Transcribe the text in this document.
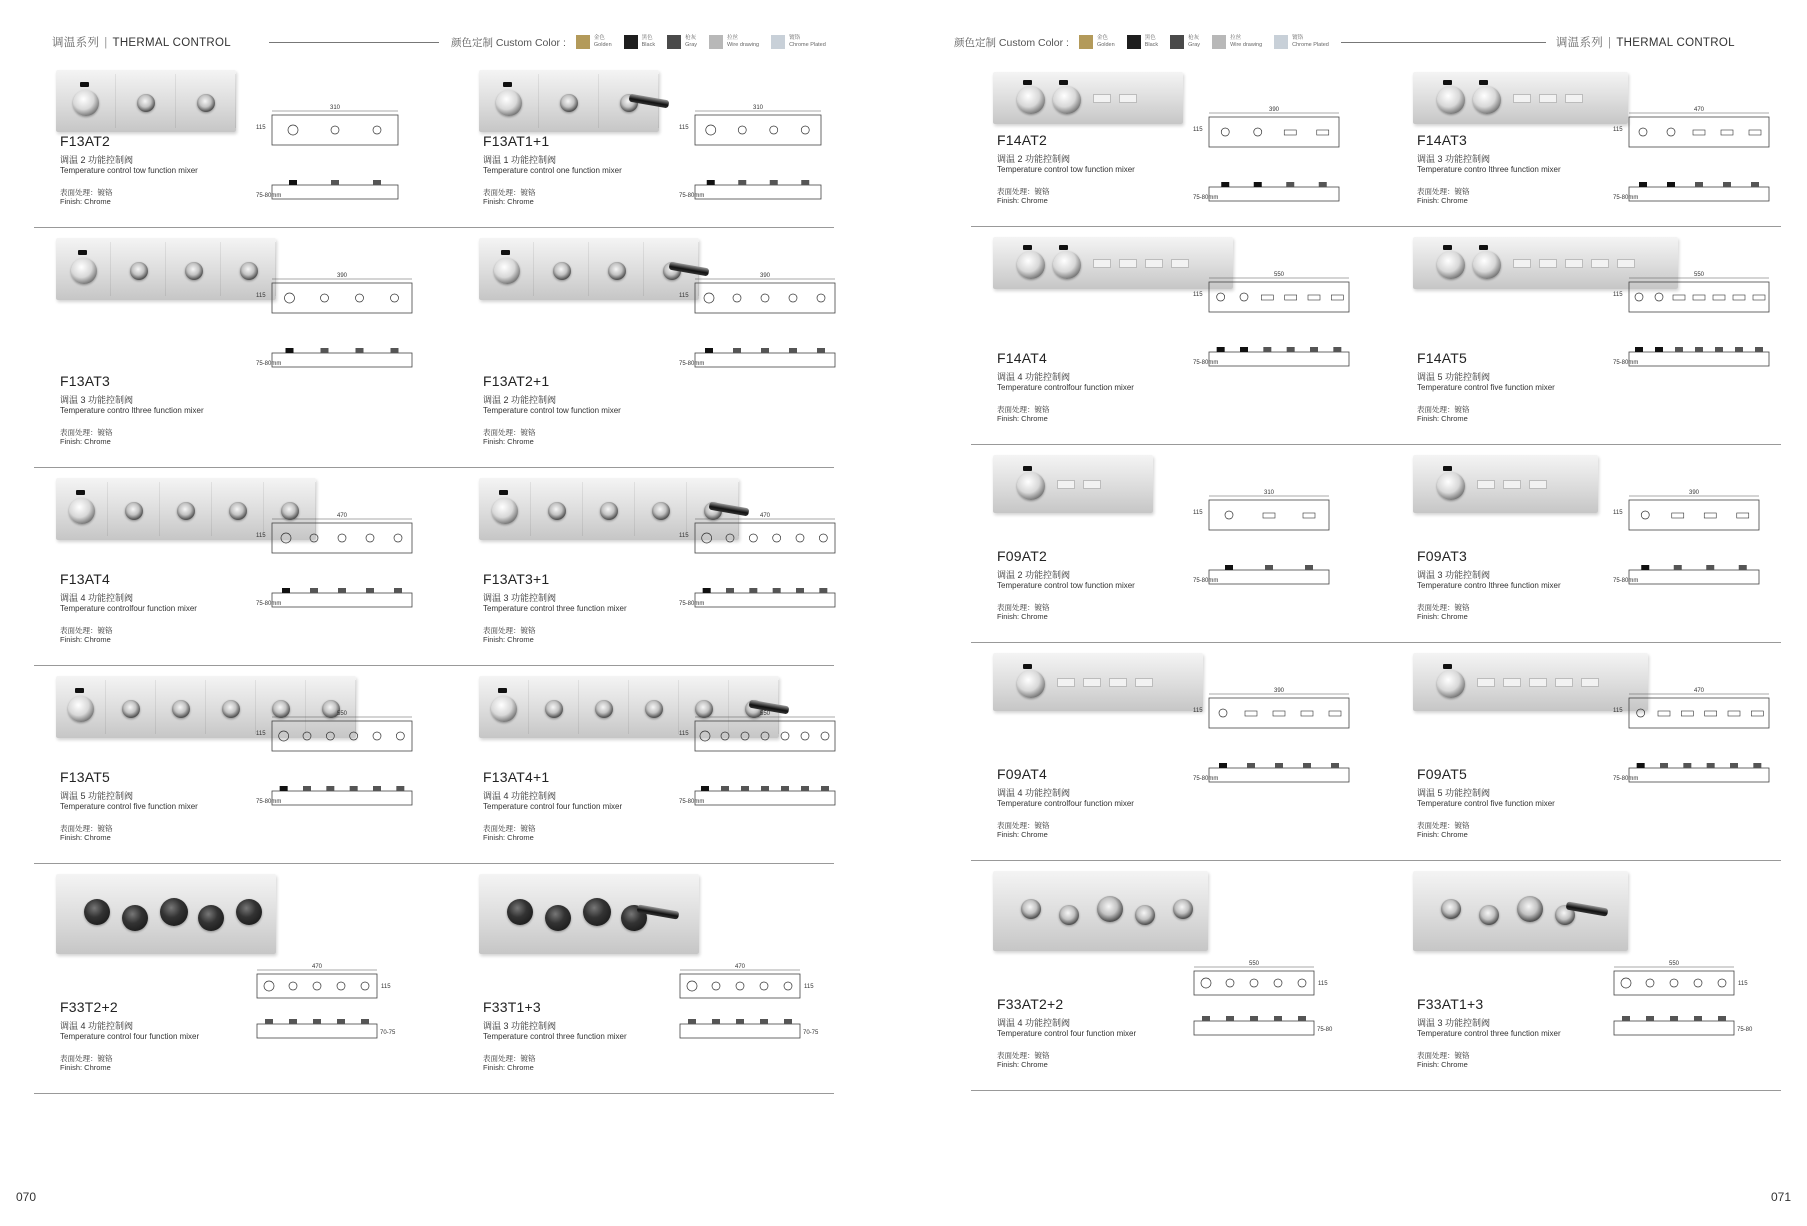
调温系列 | THERMAL CONTROL	颜色定制 Custom Color :	金色
Golden
黑色
Black
枪灰
Gray
拉丝
Wire drawing
镀铬
Chrome Plated
F13AT2
调温 2 功能控制阀
Temperature control tow function mixer
表面处理：镀铬
Finish: Chrome
310
115
75-80mm
F13AT1+1
调温 1 功能控制阀
Temperature control one function mixer
表面处理：镀铬
Finish: Chrome
310
115
75-80mm
F13AT3
调温 3 功能控制阀
Temperature contro lthree function mixer
表面处理：镀铬
Finish: Chrome
390
115
75-80mm
F13AT2+1
调温 2 功能控制阀
Temperature control tow function mixer
表面处理：镀铬
Finish: Chrome
390
115
75-80mm
F13AT4
调温 4 功能控制阀
Temperature controlfour function mixer
表面处理：镀铬
Finish: Chrome
470
115
75-80mm
F13AT3+1
调温 3 功能控制阀
Temperature control three function mixer
表面处理：镀铬
Finish: Chrome
470
115
75-80mm
F13AT5
调温 5 功能控制阀
Temperature control five function mixer
表面处理：镀铬
Finish: Chrome
550
115
75-80mm
F13AT4+1
调温 4 功能控制阀
Temperature control four function mixer
表面处理：镀铬
Finish: Chrome
550
115
75-80mm
F33T2+2
调温 4 功能控制阀
Temperature control four function mixer
表面处理：镀铬
Finish: Chrome
470
115
70-75
F33T1+3
调温 3 功能控制阀
Temperature control three function mixer
表面处理：镀铬
Finish: Chrome
470
115
70-75
070
颜色定制 Custom Color :	金色
Golden
黑色
Black
枪灰
Gray
拉丝
Wire drawing
镀铬
Chrome Plated	调温系列 | THERMAL CONTROL
F14AT2
调温 2 功能控制阀
Temperature control tow function mixer
表面处理：镀铬
Finish: Chrome
390
115
75-80mm
F14AT3
调温 3 功能控制阀
Temperature contro lthree function mixer
表面处理：镀铬
Finish: Chrome
470
115
75-80mm
F14AT4
调温 4 功能控制阀
Temperature controlfour function mixer
表面处理：镀铬
Finish: Chrome
550
115
75-80mm	F14AT5
调温 5 功能控制阀
Temperature control five function mixer
表面处理：镀铬
Finish: Chrome
550
115
75-80mm
F09AT2
调温 2 功能控制阀
Temperature control tow function mixer
表面处理：镀铬
Finish: Chrome
310
115
75-80mm
F09AT3
调温 3 功能控制阀
Temperature contro lthree function mixer
表面处理：镀铬
Finish: Chrome
390
115
75-80mm
F09AT4
调温 4 功能控制阀
Temperature controlfour function mixer
表面处理：镀铬
Finish: Chrome
390
115
75-80mm	F09AT5
调温 5 功能控制阀
Temperature control five function mixer
表面处理：镀铬
Finish: Chrome
470
115
75-80mm
F33AT2+2
调温 4 功能控制阀
Temperature control four function mixer
表面处理：镀铬
Finish: Chrome
550
115
75-80
F33AT1+3
调温 3 功能控制阀
Temperature control three function mixer
表面处理：镀铬
Finish: Chrome
550
115
75-80
071
